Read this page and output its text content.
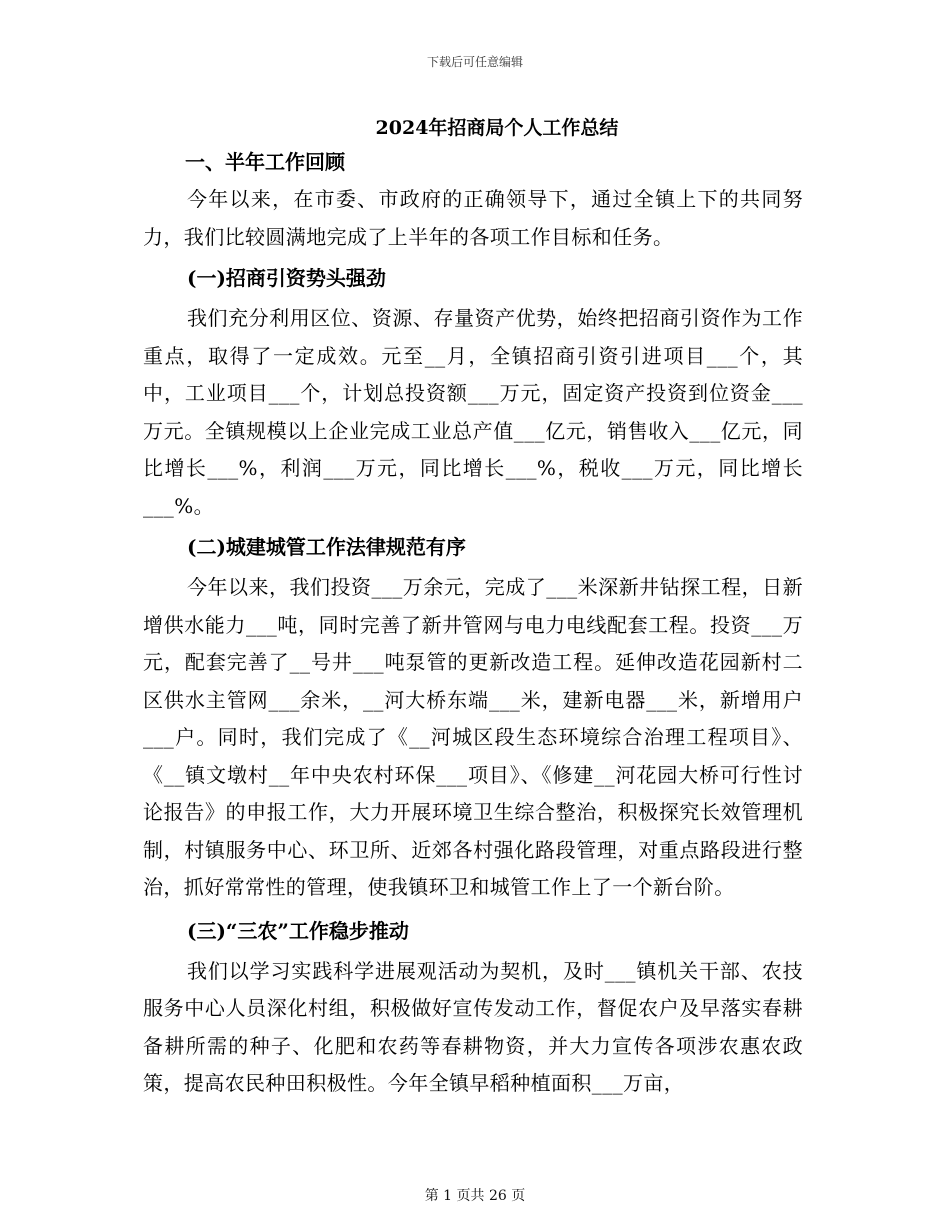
下载后可任意编辑
2024年招商局个人工作总结
一、半年工作回顾

今年以来，在市委、市政府的正确领导下，通过全镇上下的共同努力，我们比较圆满地完成了上半年的各项工作目标和任务。

(一)招商引资势头强劲

我们充分利用区位、资源、存量资产优势，始终把招商引资作为工作重点，取得了一定成效。元至__月，全镇招商引资引进项目___个，其中，工业项目___个，计划总投资额___万元，固定资产投资到位资金___万元。全镇规模以上企业完成工业总产值___亿元，销售收入___亿元，同比增长___%，利润___万元，同比增长___%，税收___万元，同比增长___%。

(二)城建城管工作法律规范有序

今年以来，我们投资___万余元，完成了___米深新井钻探工程，日新增供水能力___吨，同时完善了新井管网与电力电线配套工程。投资___万元，配套完善了__号井___吨泵管的更新改造工程。延伸改造花园新村二区供水主管网___余米，__河大桥东端___米，建新电器___米，新增用户___户。同时，我们完成了《__河城区段生态环境综合治理工程项目》、《__镇文墩村__年中央农村环保___项目》、《修建__河花园大桥可行性讨论报告》的申报工作，大力开展环境卫生综合整治，积极探究长效管理机制，村镇服务中心、环卫所、近郊各村强化路段管理，对重点路段进行整治，抓好常常性的管理，使我镇环卫和城管工作上了一个新台阶。

(三)“三农”工作稳步推动

我们以学习实践科学进展观活动为契机，及时___镇机关干部、农技服务中心人员深化村组，积极做好宣传发动工作，督促农户及早落实春耕备耕所需的种子、化肥和农药等春耕物资，并大力宣传各项涉农惠农政策，提高农民种田积极性。今年全镇早稻种植面积___万亩，

第 1 页共 26 页
